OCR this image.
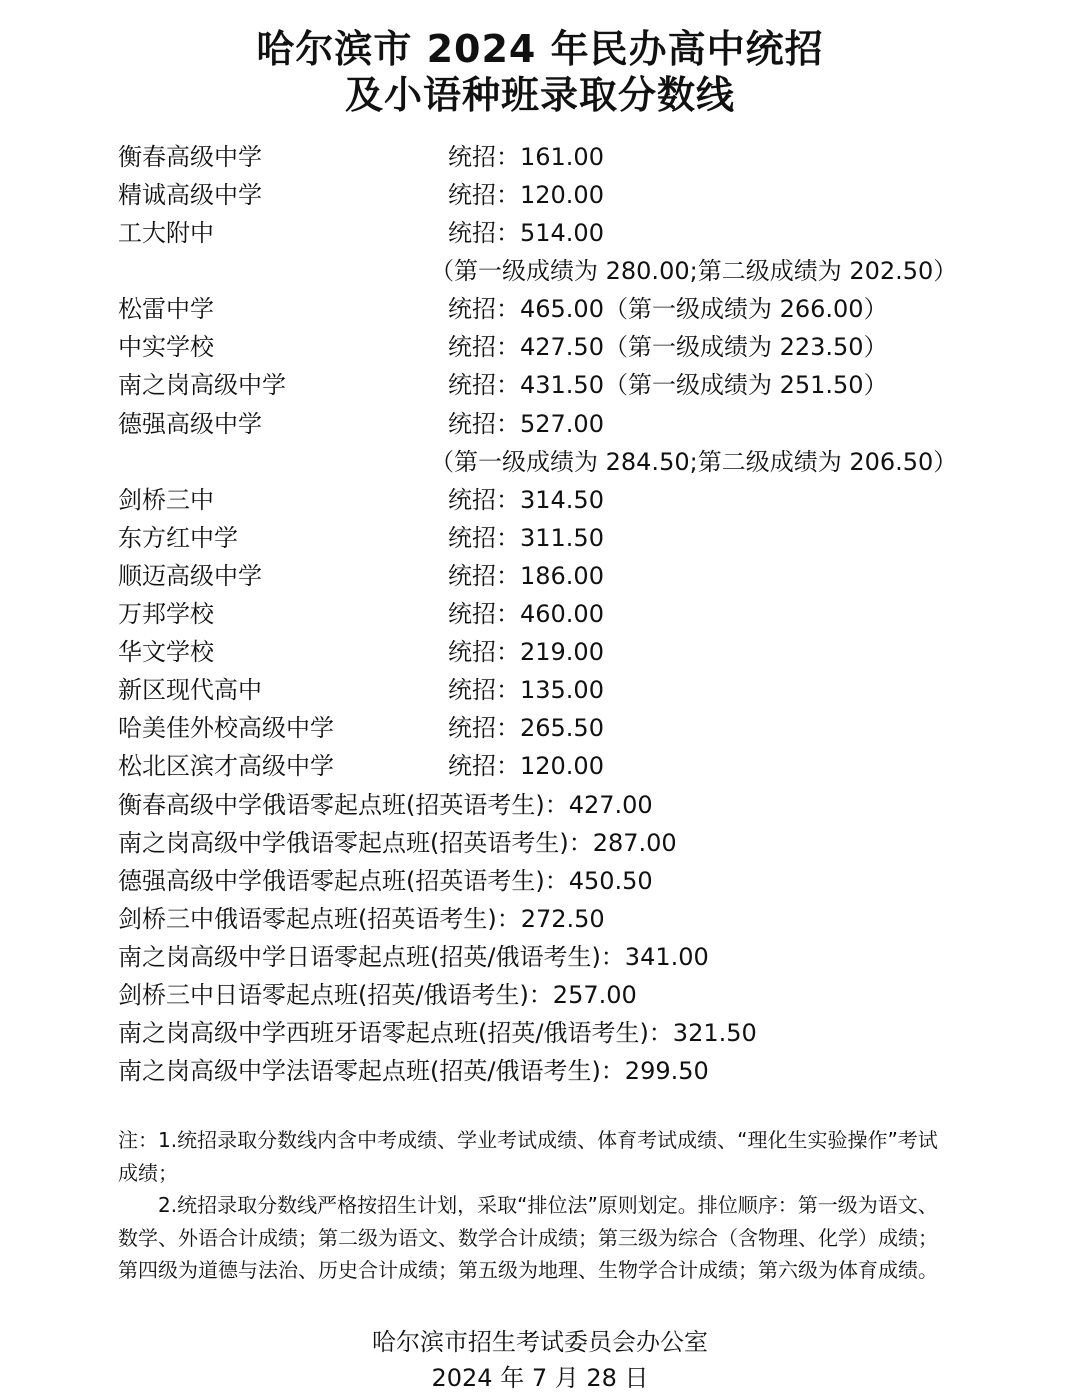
哈尔滨市 2024 年民办高中统招
及小语种班录取分数线
衡春高级中学	统招：161.00
精诚高级中学	统招：120.00
工大附中	统招：514.00
（第一级成绩为 280.00;第二级成绩为 202.50）
松雷中学	统招：465.00（第一级成绩为 266.00）
中实学校	统招：427.50（第一级成绩为 223.50）
南之岗高级中学	统招：431.50（第一级成绩为 251.50）
德强高级中学	统招：527.00
（第一级成绩为 284.50;第二级成绩为 206.50）
剑桥三中	统招：314.50
东方红中学	统招：311.50
顺迈高级中学	统招：186.00
万邦学校	统招：460.00
华文学校	统招：219.00
新区现代高中	统招：135.00
哈美佳外校高级中学	统招：265.50
松北区滨才高级中学	统招：120.00
衡春高级中学俄语零起点班(招英语考生)：427.00
南之岗高级中学俄语零起点班(招英语考生)：287.00
德强高级中学俄语零起点班(招英语考生)：450.50
剑桥三中俄语零起点班(招英语考生)：272.50
南之岗高级中学日语零起点班(招英/俄语考生)：341.00
剑桥三中日语零起点班(招英/俄语考生)：257.00
南之岗高级中学西班牙语零起点班(招英/俄语考生)：321.50
南之岗高级中学法语零起点班(招英/俄语考生)：299.50

注：1.统招录取分数线内含中考成绩、学业考试成绩、体育考试成绩、“理化生实验操作”考试成绩；

2.统招录取分数线严格按招生计划，采取“排位法”原则划定。排位顺序：第一级为语文、数学、外语合计成绩；第二级为语文、数学合计成绩；第三级为综合（含物理、化学）成绩；第四级为道德与法治、历史合计成绩；第五级为地理、生物学合计成绩；第六级为体育成绩。

哈尔滨市招生考试委员会办公室
2024 年 7 月 28 日
